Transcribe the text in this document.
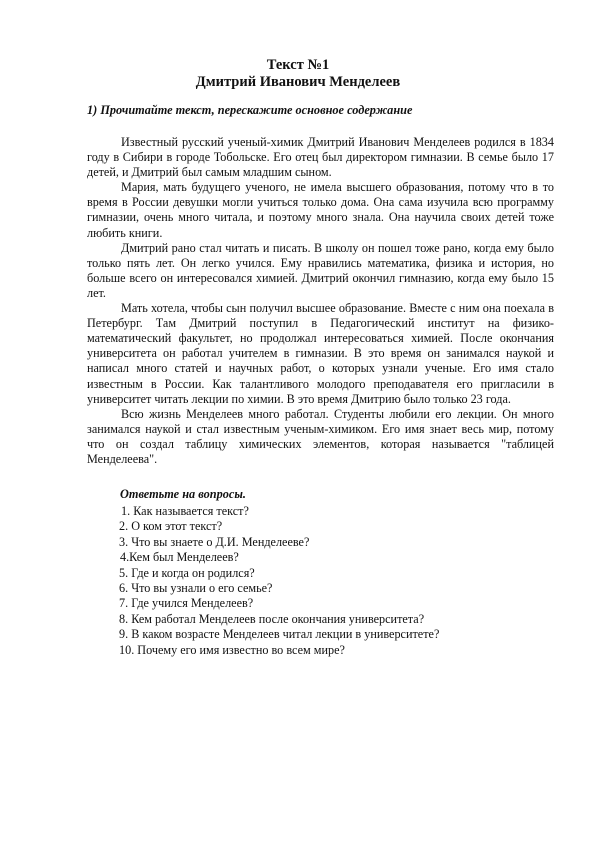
Текст №1
Дмитрий Иванович Менделеев
1) Прочитайте текст, перескажите основное содержание

Известный русский ученый-химик Дмитрий Иванович Менделеев родился в 1834 году в Сибири в городе Тобольске. Его отец был директором гимназии. В семье было 17 детей, и Дмитрий был самым младшим сыном.

Мария, мать будущего ученого, не имела высшего образования, потому что в то время в России девушки могли учиться только дома. Она сама изучила всю программу гимназии, очень много читала, и поэтому много знала. Она научила своих детей тоже любить книги.

Дмитрий рано стал читать и писать. В школу он пошел тоже рано, когда ему было только пять лет. Он легко учился. Ему нравились математика, физика и история, но больше всего он интересовался химией. Дмитрий окончил гимназию, когда ему было 15 лет.

Мать хотела, чтобы сын получил высшее образование. Вместе с ним она поехала в Петербург. Там Дмитрий поступил в Педагогический институт на физико-математический факультет, но продолжал интересоваться химией. После окончания университета он работал учителем в гимназии. В это время он занимался наукой и написал много статей и научных работ, о которых узнали ученые. Его имя стало известным в России. Как талантливого молодого преподавателя его пригласили в университет читать лекции по химии. В это время Дмитрию было только 23 года.

Всю жизнь Менделеев много работал. Студенты любили его лекции. Он много занимался наукой и стал известным ученым-химиком. Его имя знает весь мир, потому что он создал таблицу химических элементов, которая называется "таблицей Менделеева".

Ответьте на вопросы.
1. Как называется текст?
2. О ком этот текст?
3. Что вы знаете о Д.И. Менделееве?
4.Кем был Менделеев?
5. Где и когда он родился?
6. Что вы узнали о его семье?
7. Где учился Менделеев?
8. Кем работал Менделеев после окончания университета?
9. В каком возрасте Менделеев читал лекции в университете?
10. Почему его имя известно во всем мире?
